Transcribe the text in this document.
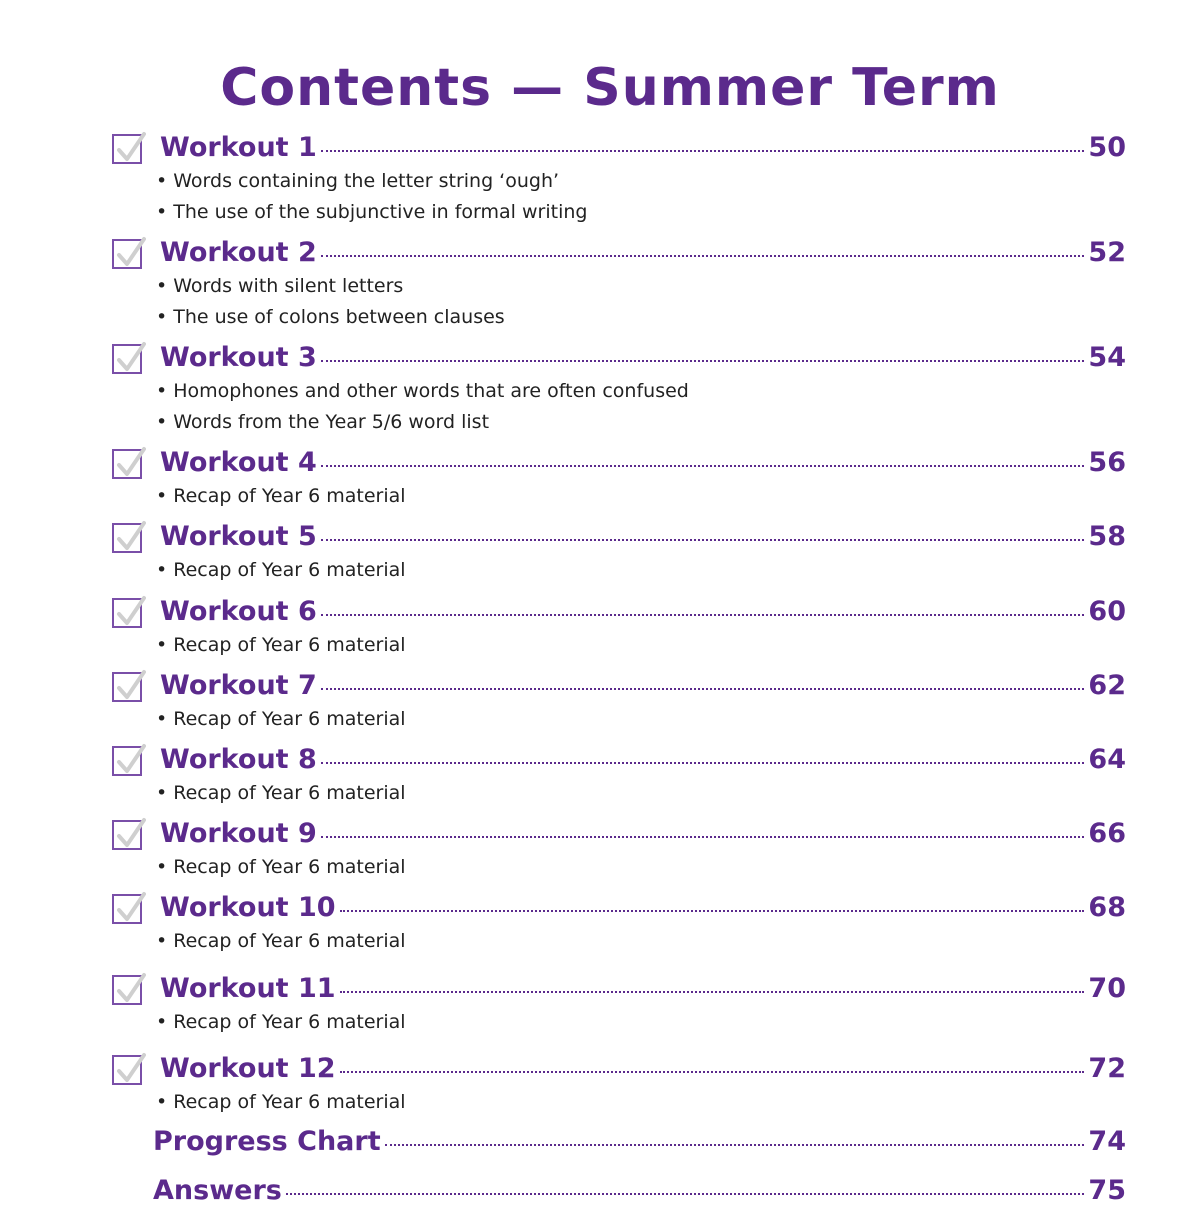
Contents — Summer Term
Workout 1	50
• Words containing the letter string ‘ough’
• The use of the subjunctive in formal writing
Workout 2	52
• Words with silent letters
• The use of colons between clauses
Workout 3	54
• Homophones and other words that are often confused
• Words from the Year 5/6 word list
Workout 4	56
• Recap of Year 6 material
Workout 5	58
• Recap of Year 6 material
Workout 6	60
• Recap of Year 6 material
Workout 7	62
• Recap of Year 6 material
Workout 8	64
• Recap of Year 6 material
Workout 9	66
• Recap of Year 6 material
Workout 10	68
• Recap of Year 6 material
Workout 11	70
• Recap of Year 6 material
Workout 12	72
• Recap of Year 6 material
Progress Chart	74
Answers	75
